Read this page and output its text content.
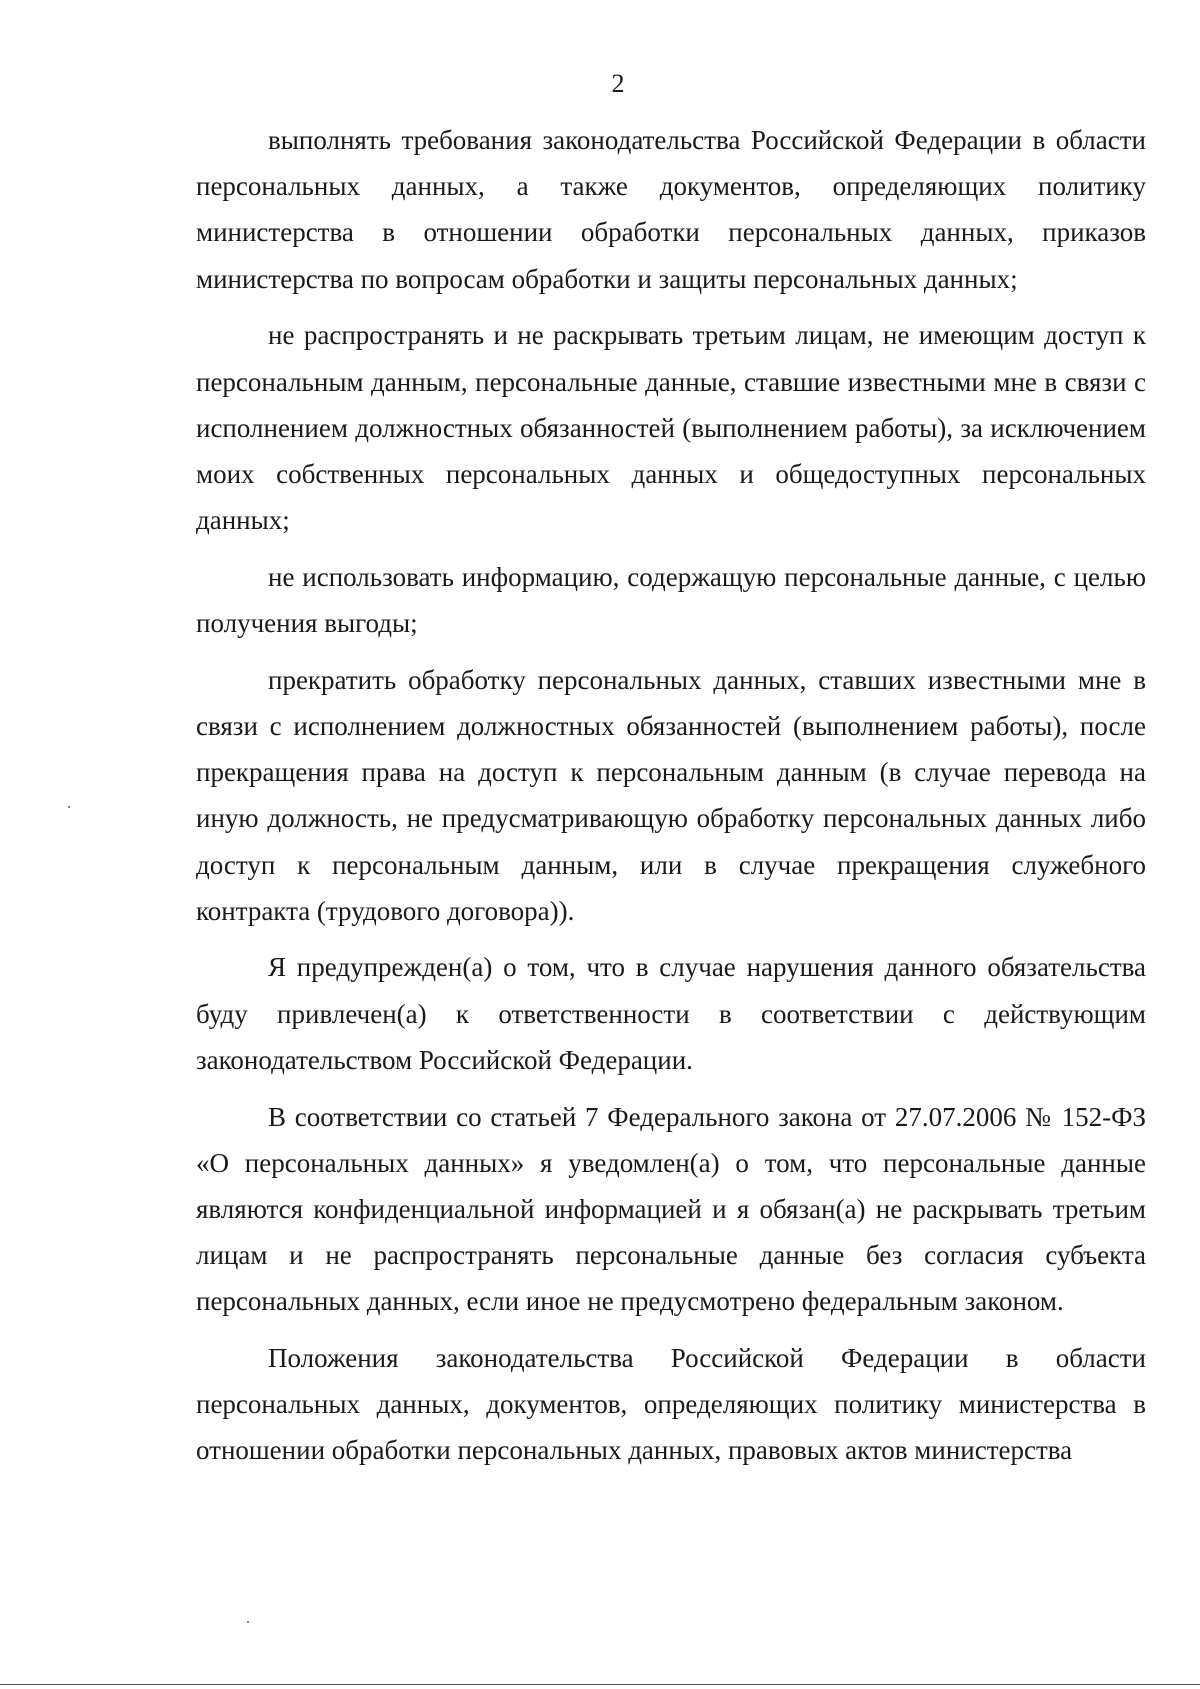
2

выполнять требования законодательства Российской Федерации в области персональных данных, а также документов, определяющих политику министерства в отношении обработки персональных данных, приказов министерства по вопросам обработки и защиты персональных данных;

не распространять и не раскрывать третьим лицам, не имеющим доступ к персональным данным, персональные данные, ставшие известными мне в связи с исполнением должностных обязанностей (выполнением работы), за исключением моих собственных персональных данных и общедоступных персональных данных;

не использовать информацию, содержащую персональные данные, с целью получения выгоды;

прекратить обработку персональных данных, ставших известными мне в связи с исполнением должностных обязанностей (выполнением работы), после прекращения права на доступ к персональным данным (в случае перевода на иную должность, не предусматривающую обработку персональных данных либо доступ к персональным данным, или в случае прекращения служебного контракта (трудового договора)).

Я предупрежден(а) о том, что в случае нарушения данного обязательства буду привлечен(а) к ответственности в соответствии с действующим законодательством Российской Федерации.

В соответствии со статьей 7 Федерального закона от 27.07.2006 № 152-ФЗ «О персональных данных» я уведомлен(а) о том, что персональные данные являются конфиденциальной информацией и я обязан(а) не раскрывать третьим лицам и не распространять персональные данные без согласия субъекта персональных данных, если иное не предусмотрено федеральным законом.

Положения законодательства Российской Федерации в области персональных данных, документов, определяющих политику министерства в отношении обработки персональных данных, правовых актов министерства
